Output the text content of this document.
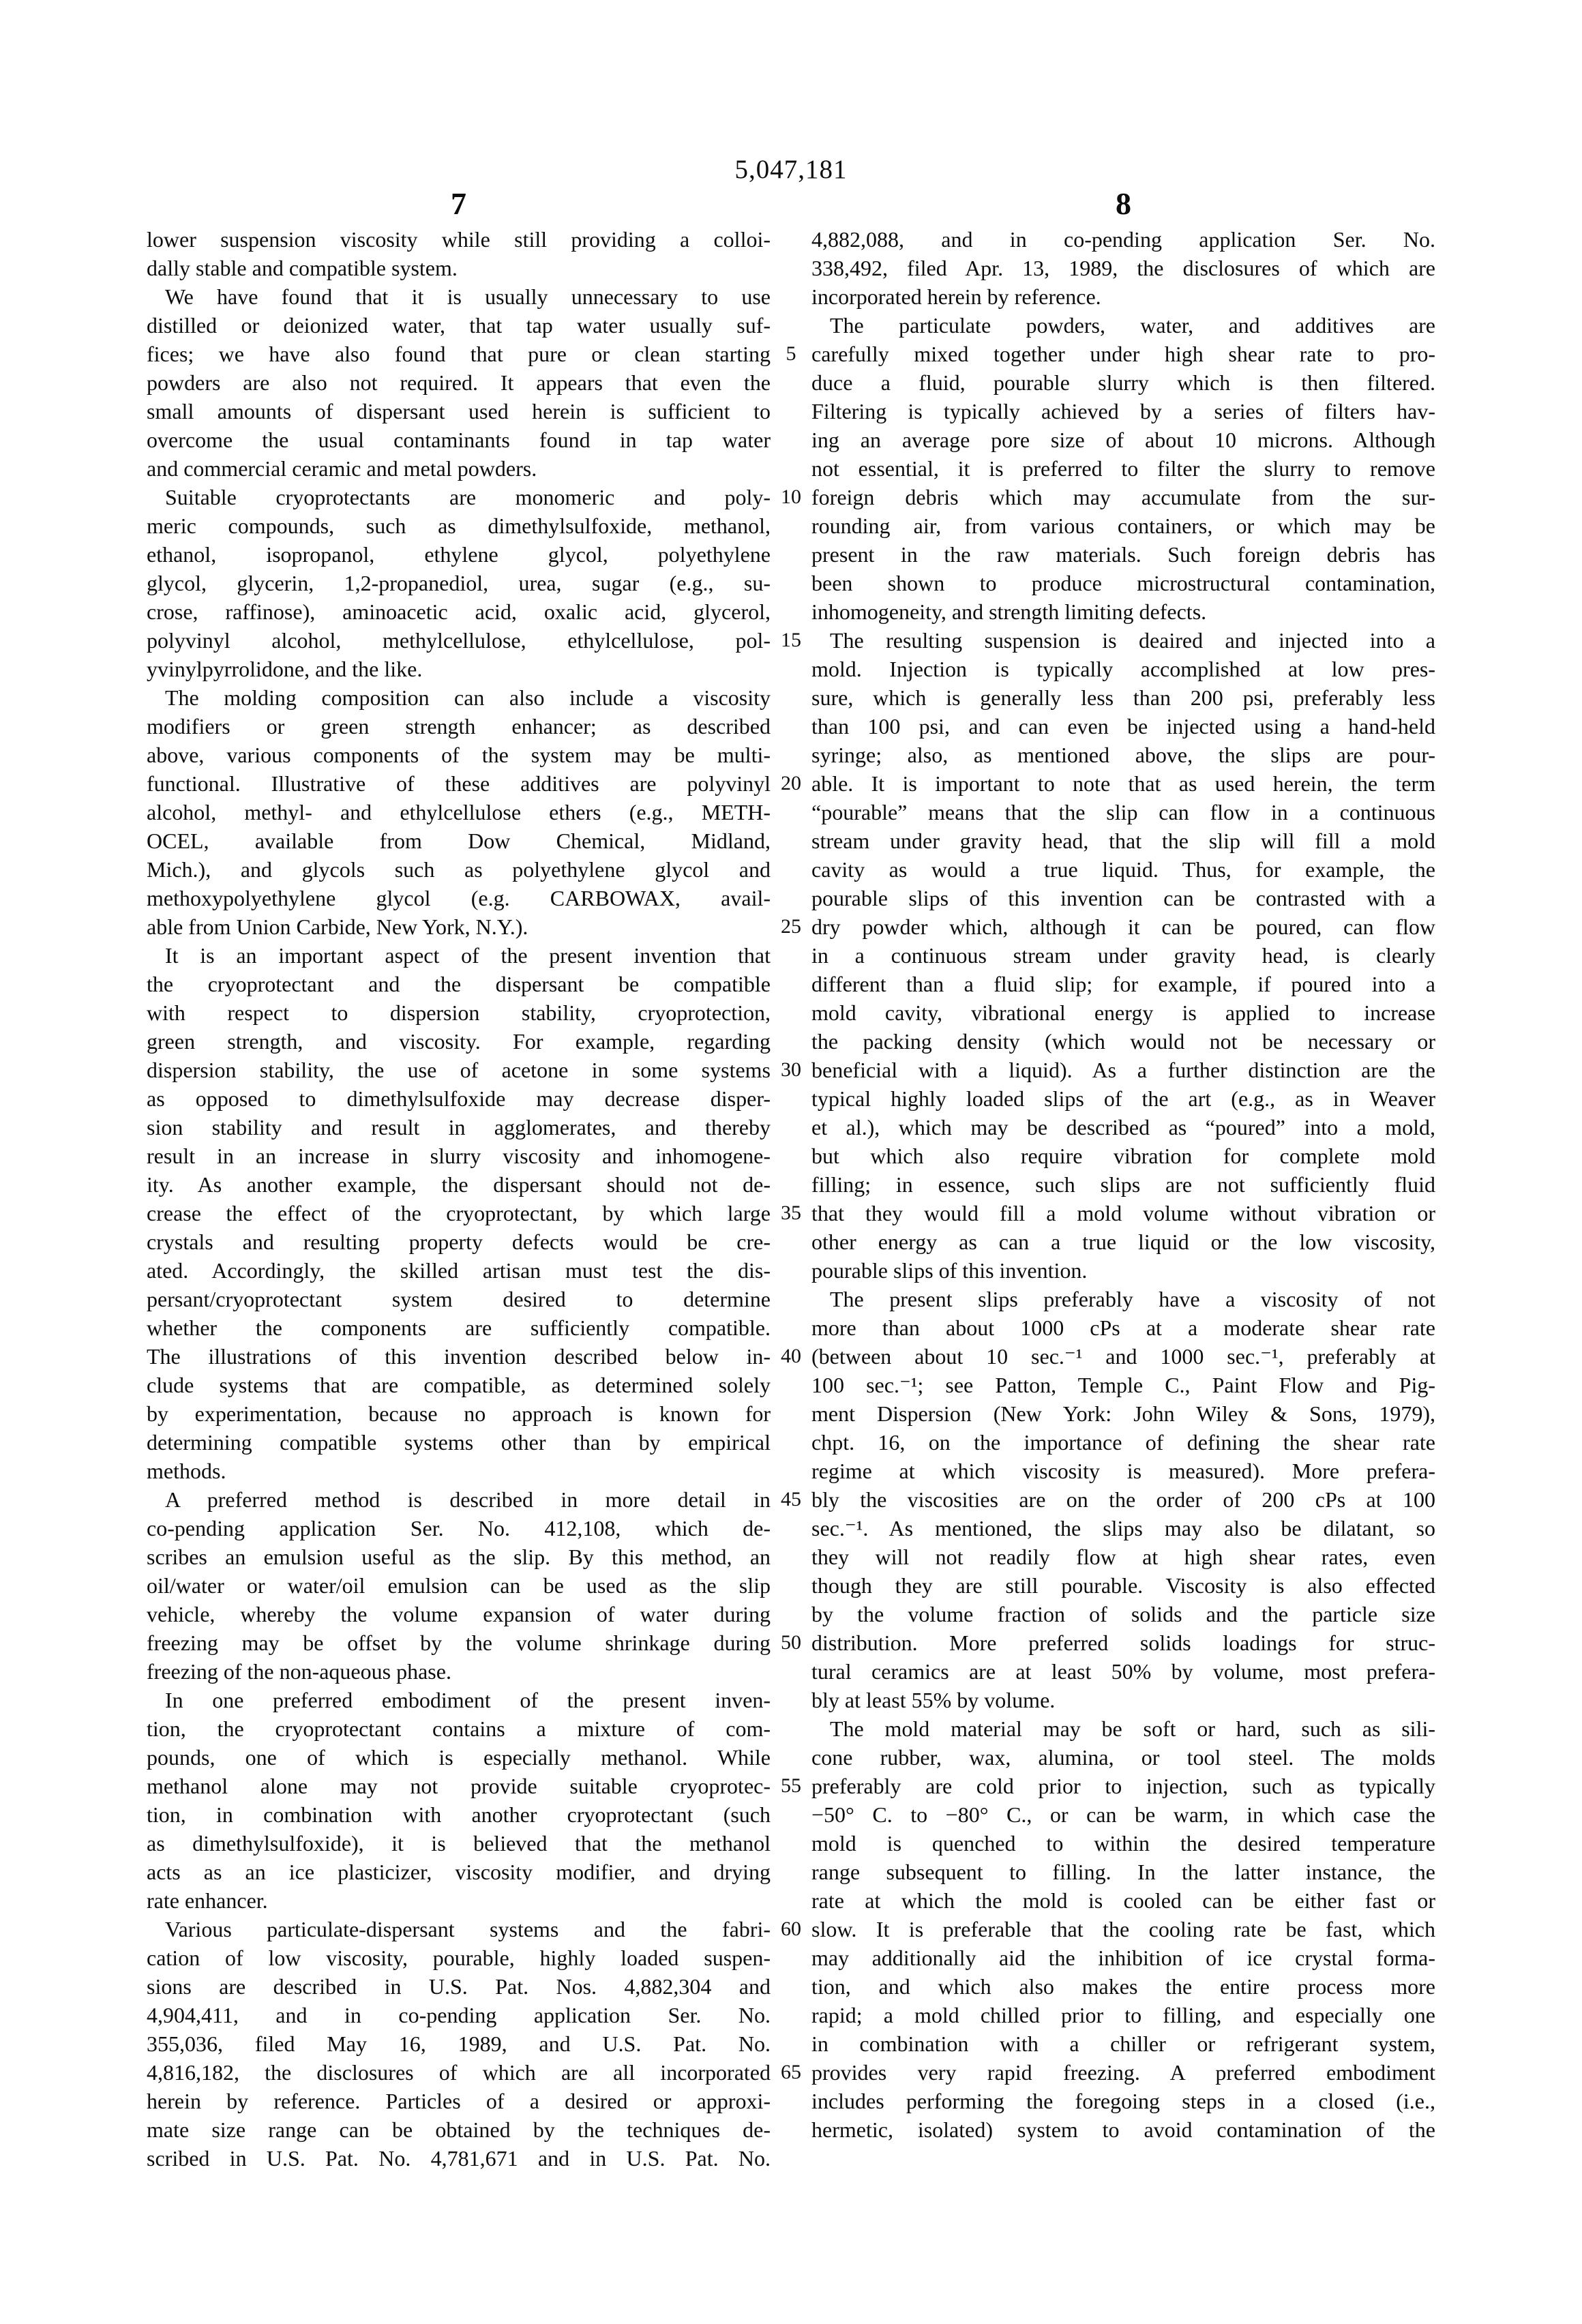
5,047,181
7	8
lower suspension viscosity while still providing a colloi-
dally stable and compatible system.
We have found that it is usually unnecessary to use
distilled or deionized water, that tap water usually suf-
fices; we have also found that pure or clean starting
powders are also not required. It appears that even the
small amounts of dispersant used herein is sufficient to
overcome the usual contaminants found in tap water
and commercial ceramic and metal powders.
Suitable cryoprotectants are monomeric and poly-
meric compounds, such as dimethylsulfoxide, methanol,
ethanol, isopropanol, ethylene glycol, polyethylene
glycol, glycerin, 1,2-propanediol, urea, sugar (e.g., su-
crose, raffinose), aminoacetic acid, oxalic acid, glycerol,
polyvinyl alcohol, methylcellulose, ethylcellulose, pol-
yvinylpyrrolidone, and the like.
The molding composition can also include a viscosity
modifiers or green strength enhancer; as described
above, various components of the system may be multi-
functional. Illustrative of these additives are polyvinyl
alcohol, methyl- and ethylcellulose ethers (e.g., METH-
OCEL, available from Dow Chemical, Midland,
Mich.), and glycols such as polyethylene glycol and
methoxypolyethylene glycol (e.g. CARBOWAX, avail-
able from Union Carbide, New York, N.Y.).
It is an important aspect of the present invention that
the cryoprotectant and the dispersant be compatible
with respect to dispersion stability, cryoprotection,
green strength, and viscosity. For example, regarding
dispersion stability, the use of acetone in some systems
as opposed to dimethylsulfoxide may decrease disper-
sion stability and result in agglomerates, and thereby
result in an increase in slurry viscosity and inhomogene-
ity. As another example, the dispersant should not de-
crease the effect of the cryoprotectant, by which large
crystals and resulting property defects would be cre-
ated. Accordingly, the skilled artisan must test the dis-
persant/cryoprotectant system desired to determine
whether the components are sufficiently compatible.
The illustrations of this invention described below in-
clude systems that are compatible, as determined solely
by experimentation, because no approach is known for
determining compatible systems other than by empirical
methods.
A preferred method is described in more detail in
co-pending application Ser. No. 412,108, which de-
scribes an emulsion useful as the slip. By this method, an
oil/water or water/oil emulsion can be used as the slip
vehicle, whereby the volume expansion of water during
freezing may be offset by the volume shrinkage during
freezing of the non-aqueous phase.
In one preferred embodiment of the present inven-
tion, the cryoprotectant contains a mixture of com-
pounds, one of which is especially methanol. While
methanol alone may not provide suitable cryoprotec-
tion, in combination with another cryoprotectant (such
as dimethylsulfoxide), it is believed that the methanol
acts as an ice plasticizer, viscosity modifier, and drying
rate enhancer.
Various particulate-dispersant systems and the fabri-
cation of low viscosity, pourable, highly loaded suspen-
sions are described in U.S. Pat. Nos. 4,882,304 and
4,904,411, and in co-pending application Ser. No.
355,036, filed May 16, 1989, and U.S. Pat. No.
4,816,182, the disclosures of which are all incorporated
herein by reference. Particles of a desired or approxi-
mate size range can be obtained by the techniques de-
scribed in U.S. Pat. No. 4,781,671 and in U.S. Pat. No.
5
10
15
20
25
30
35
40
45
50
55
60
65
4,882,088, and in co-pending application Ser. No.
338,492, filed Apr. 13, 1989, the disclosures of which are
incorporated herein by reference.
The particulate powders, water, and additives are
carefully mixed together under high shear rate to pro-
duce a fluid, pourable slurry which is then filtered.
Filtering is typically achieved by a series of filters hav-
ing an average pore size of about 10 microns. Although
not essential, it is preferred to filter the slurry to remove
foreign debris which may accumulate from the sur-
rounding air, from various containers, or which may be
present in the raw materials. Such foreign debris has
been shown to produce microstructural contamination,
inhomogeneity, and strength limiting defects.
The resulting suspension is deaired and injected into a
mold. Injection is typically accomplished at low pres-
sure, which is generally less than 200 psi, preferably less
than 100 psi, and can even be injected using a hand-held
syringe; also, as mentioned above, the slips are pour-
able. It is important to note that as used herein, the term
“pourable” means that the slip can flow in a continuous
stream under gravity head, that the slip will fill a mold
cavity as would a true liquid. Thus, for example, the
pourable slips of this invention can be contrasted with a
dry powder which, although it can be poured, can flow
in a continuous stream under gravity head, is clearly
different than a fluid slip; for example, if poured into a
mold cavity, vibrational energy is applied to increase
the packing density (which would not be necessary or
beneficial with a liquid). As a further distinction are the
typical highly loaded slips of the art (e.g., as in Weaver
et al.), which may be described as “poured” into a mold,
but which also require vibration for complete mold
filling; in essence, such slips are not sufficiently fluid
that they would fill a mold volume without vibration or
other energy as can a true liquid or the low viscosity,
pourable slips of this invention.
The present slips preferably have a viscosity of not
more than about 1000 cPs at a moderate shear rate
(between about 10 sec.⁻¹ and 1000 sec.⁻¹, preferably at
100 sec.⁻¹; see Patton, Temple C., Paint Flow and Pig-
ment Dispersion (New York: John Wiley & Sons, 1979),
chpt. 16, on the importance of defining the shear rate
regime at which viscosity is measured). More prefera-
bly the viscosities are on the order of 200 cPs at 100
sec.⁻¹. As mentioned, the slips may also be dilatant, so
they will not readily flow at high shear rates, even
though they are still pourable. Viscosity is also effected
by the volume fraction of solids and the particle size
distribution. More preferred solids loadings for struc-
tural ceramics are at least 50% by volume, most prefera-
bly at least 55% by volume.
The mold material may be soft or hard, such as sili-
cone rubber, wax, alumina, or tool steel. The molds
preferably are cold prior to injection, such as typically
−50° C. to −80° C., or can be warm, in which case the
mold is quenched to within the desired temperature
range subsequent to filling. In the latter instance, the
rate at which the mold is cooled can be either fast or
slow. It is preferable that the cooling rate be fast, which
may additionally aid the inhibition of ice crystal forma-
tion, and which also makes the entire process more
rapid; a mold chilled prior to filling, and especially one
in combination with a chiller or refrigerant system,
provides very rapid freezing. A preferred embodiment
includes performing the foregoing steps in a closed (i.e.,
hermetic, isolated) system to avoid contamination of the
